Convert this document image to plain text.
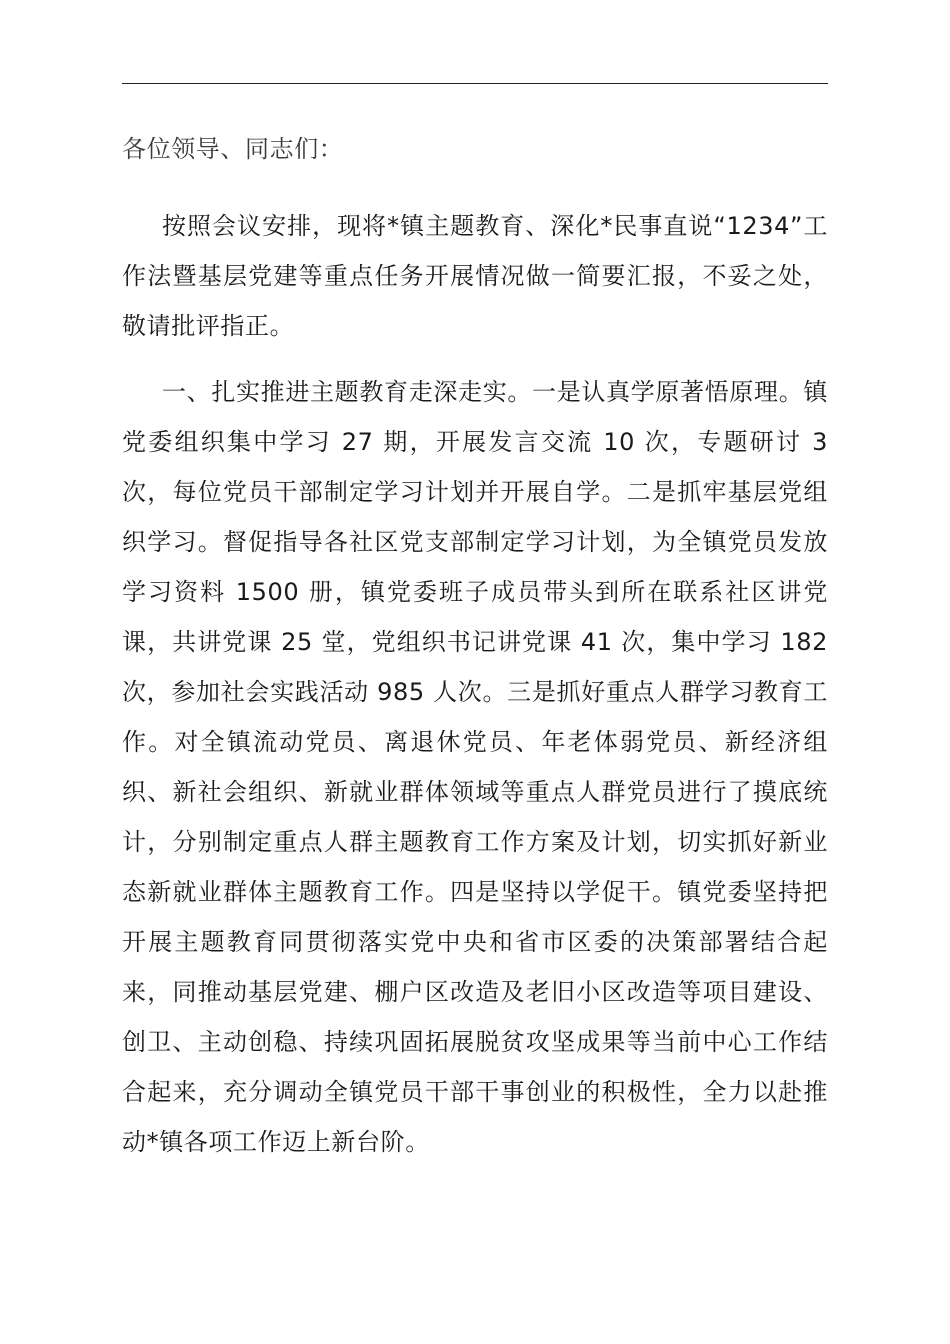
各位领导、同志们：

按照会议安排，现将*镇主题教育、深化*民事直说“1234”工作法暨基层党建等重点任务开展情况做一简要汇报，不妥之处，敬请批评指正。

一、扎实推进主题教育走深走实。一是认真学原著悟原理。镇党委组织集中学习 27 期，开展发言交流 10 次，专题研讨 3 次，每位党员干部制定学习计划并开展自学。二是抓牢基层党组织学习。督促指导各社区党支部制定学习计划，为全镇党员发放学习资料 1500 册，镇党委班子成员带头到所在联系社区讲党课，共讲党课 25 堂，党组织书记讲党课 41 次，集中学习 182 次，参加社会实践活动 985 人次。三是抓好重点人群学习教育工作。对全镇流动党员、离退休党员、年老体弱党员、新经济组织、新社会组织、新就业群体领域等重点人群党员进行了摸底统计，分别制定重点人群主题教育工作方案及计划，切实抓好新业态新就业群体主题教育工作。四是坚持以学促干。镇党委坚持把开展主题教育同贯彻落实党中央和省市区委的决策部署结合起来，同推动基层党建、棚户区改造及老旧小区改造等项目建设、创卫、主动创稳、持续巩固拓展脱贫攻坚成果等当前中心工作结合起来，充分调动全镇党员干部干事创业的积极性，全力以赴推动*镇各项工作迈上新台阶。
